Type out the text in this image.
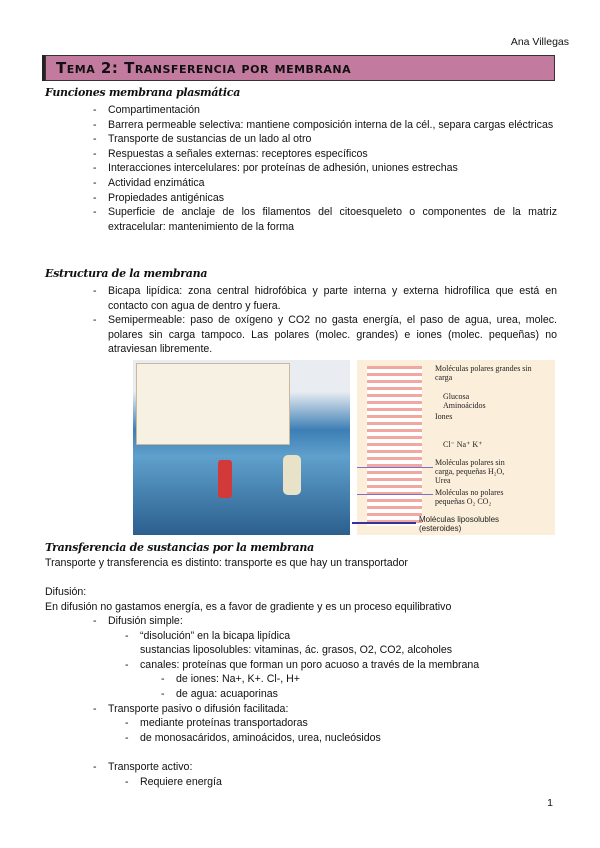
Ana Villegas
Tema 2: Transferencia por membrana
Funciones membrana plasmática
- Compartimentación
- Barrera permeable selectiva: mantiene composición interna de la cél., separa cargas eléctricas
- Transporte de sustancias de un lado al otro
- Respuestas a señales externas: receptores específicos
- Interacciones intercelulares: por proteínas de adhesión, uniones estrechas
- Actividad enzimática
- Propiedades antigénicas
- Superficie de anclaje de los filamentos del citoesqueleto o componentes de la matriz extracelular: mantenimiento de la forma
Estructura de la membrana
- Bicapa lipídica: zona central hidrofóbica y parte interna y externa hidrofílica que está en contacto con agua de dentro y fuera.
- Semipermeable: paso de oxígeno y CO2 no gasta energía, el paso de agua, urea, molec. polares sin carga tampoco. Las polares (molec. grandes) e iones (molec. pequeñas) no atraviesan libremente.
Moléculas polares grandes sin carga
Glucosa Aminoácidos
Iones
Cl⁻ Na⁺ K⁺
Moléculas polares sin carga, pequeñas H₂O, Urea
Moléculas no polares pequeñas O₂ CO₂
Moléculas liposolubles (esteroides)
Transferencia de sustancias por la membrana
Transporte y transferencia es distinto: transporte es que hay un transportador
Difusión:
En difusión no gastamos energía, es a favor de gradiente y es un proceso equilibrativo
- Difusión simple:
- “disolución” en la bicapa lipídica
sustancias liposolubles: vitaminas, ác. grasos, O2, CO2, alcoholes
- canales: proteínas que forman un poro acuoso a través de la membrana
- de iones: Na+, K+. Cl-, H+
- de agua: acuaporinas
- Transporte pasivo o difusión facilitada:
- mediante proteínas transportadoras
- de monosacáridos, aminoácidos, urea, nucleósidos
- Transporte activo:
- Requiere energía
1
